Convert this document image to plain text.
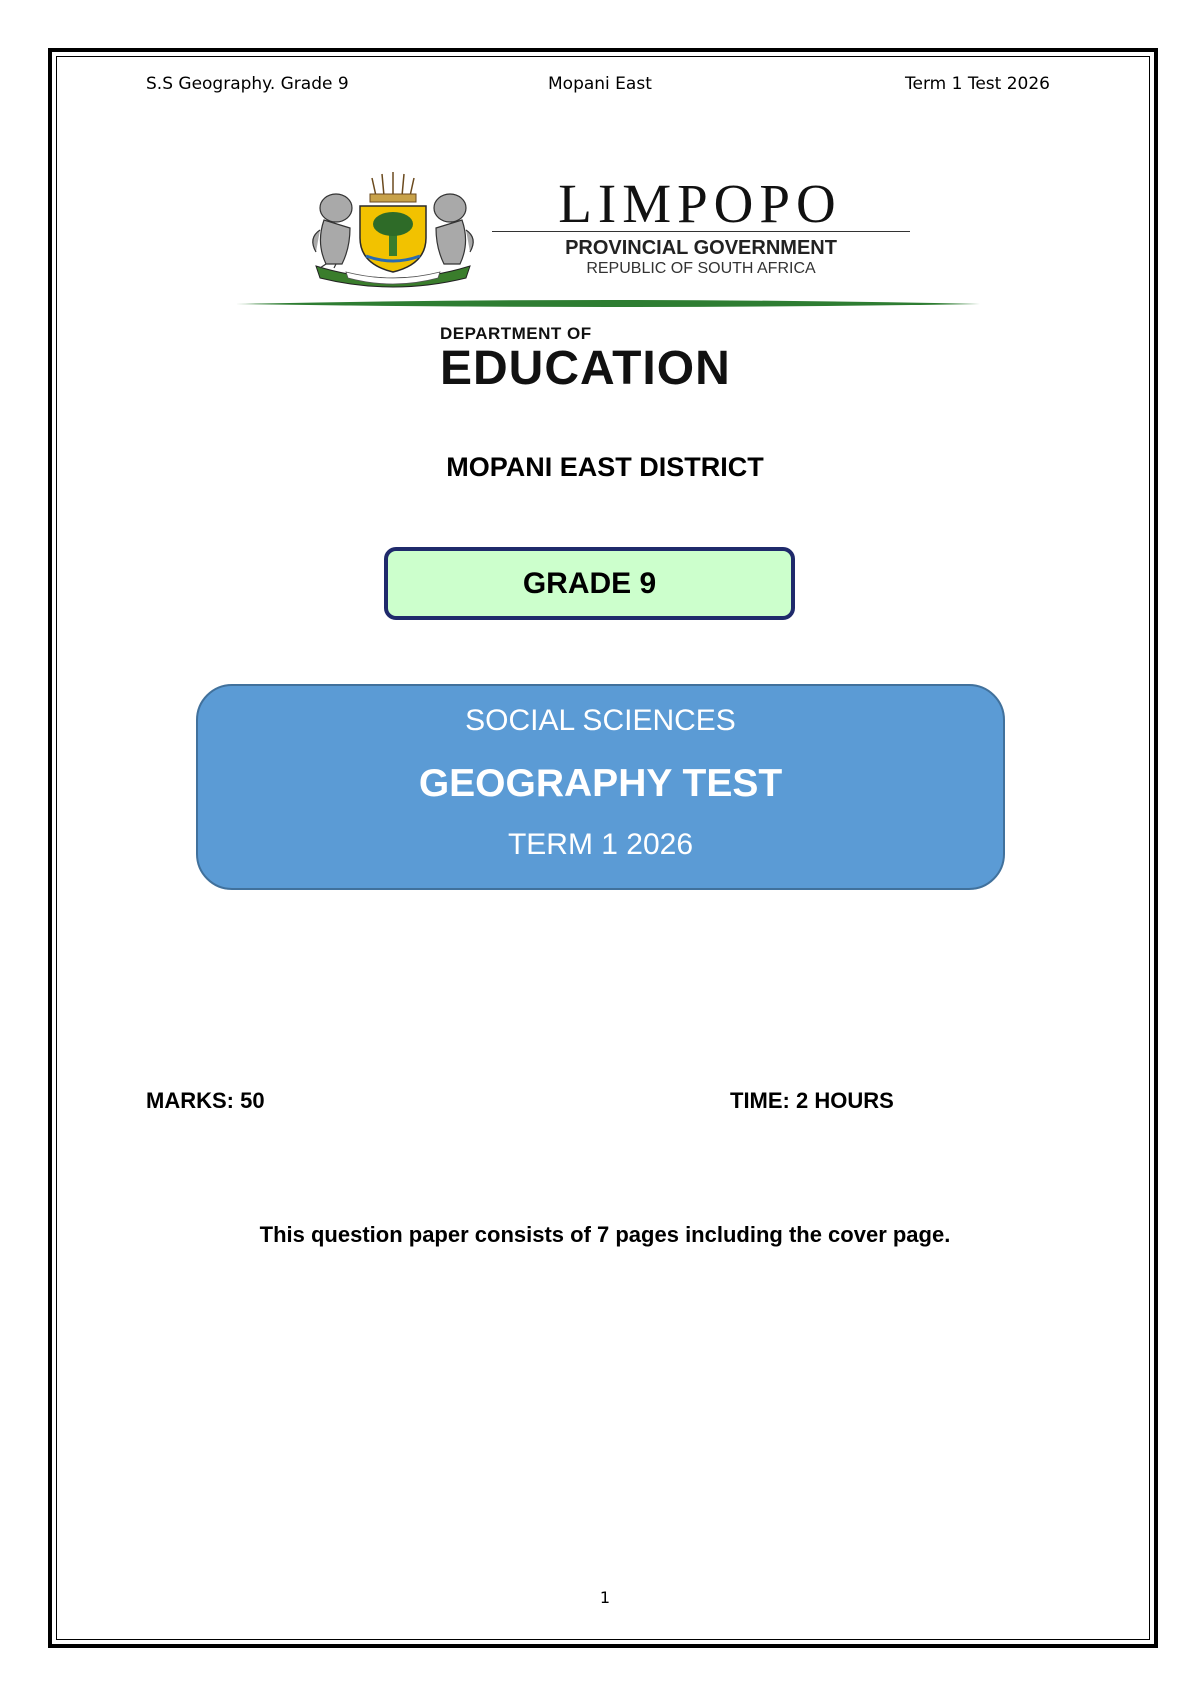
S.S Geography. Grade 9	Mopani East	Term 1 Test 2026
LIMPOPO
PROVINCIAL GOVERNMENT
REPUBLIC OF SOUTH AFRICA
DEPARTMENT OF
EDUCATION
MOPANI EAST DISTRICT
GRADE 9
SOCIAL SCIENCES
GEOGRAPHY TEST
TERM 1 2026
MARKS: 50	TIME: 2 HOURS
This question paper consists of 7 pages including the cover page.
1
